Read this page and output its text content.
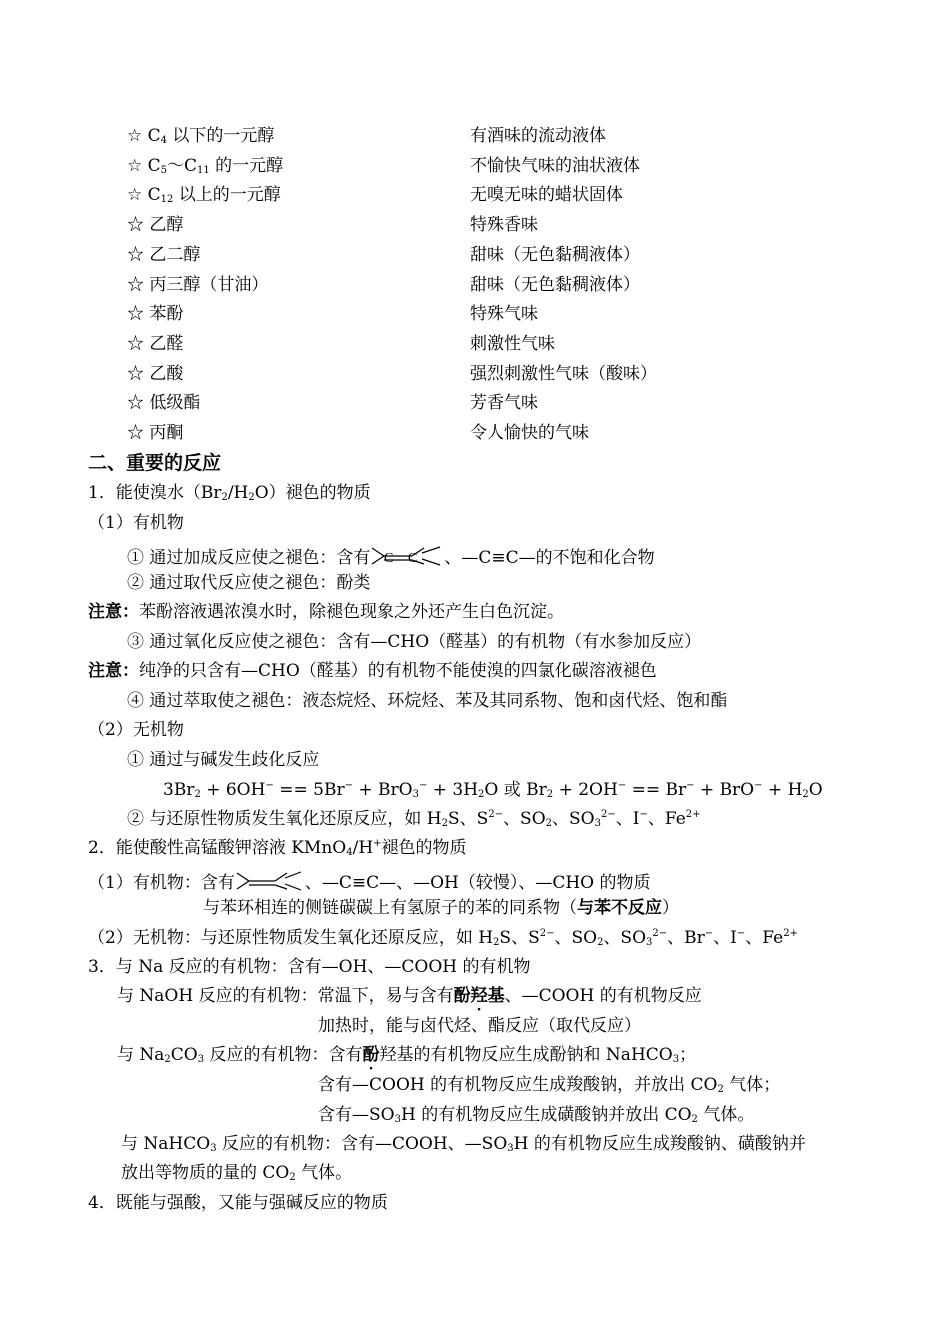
☆ $C_4$ 以下的一元醇	有酒味的流动液体
☆ $C_5\sim C_{11}$ 的一元醇	不愉快气味的油状液体
☆ $C_{12}$ 以上的一元醇	无嗅无味的蜡状固体
☆ 乙醇	特殊香味
☆ 乙二醇	甜味（无色黏稠液体）
☆ 丙三醇（甘油）	甜味（无色黏稠液体）
☆ 苯酚	特殊气味
☆ 乙醛	刺激性气味
☆ 乙酸	强烈刺激性气味（酸味）
☆ 低级酯	芳香气味
☆ 丙酮	令人愉快的气味
二、重要的反应
1．能使溴水$(Br_2/H_2O)$褪色的物质
（1）有机物
① 通过加成反应使之褪色：含有	C
C	、—C≡C—的不饱和化合物
② 通过取代反应使之褪色：酚类
注意：苯酚溶液遇浓溴水时，除褪色现象之外还产生白色沉淀。
③ 通过氧化反应使之褪色：含有—CHO（醛基）的有机物（有水参加反应）
注意：纯净的只含有—CHO（醛基）的有机物不能使溴的四氯化碳溶液褪色
④ 通过萃取使之褪色：液态烷烃、环烷烃、苯及其同系物、饱和卤代烃、饱和酯
（2）无机物
① 通过与碱发生歧化反应
$3Br_2 + 6OH^- == 5Br^- + BrO_3^- + 3H_2O$ 或 $Br_2 + 2OH^- == Br^- + BrO^- + H_2O$
② 与还原性物质发生氧化还原反应，如 $H_2S$、$S^{2-}$、$SO_2$、$SO_3^{2-}$、I−、$Fe^{2+}$
2．能使酸性高锰酸钾溶液 KMnO$_4$/H+褪色的物质
（1）有机物：含有	、—C≡C—、—OH（较慢）、—CHO 的物质
与苯环相连的侧链碳碳上有氢原子的苯的同系物（与苯不反应）
（2）无机物：与还原性物质发生氧化还原反应，如 $H_2S$、$S^{2-}$、$SO_2$、$SO_3^{2-}$、Br−、I−、$Fe^{2+}$
3．与 Na 反应的有机物：含有—OH、—COOH 的有机物
与 NaOH 反应的有机物：常温下，易与含有酚羟基、—COOH 的有机物反应
加热时，能与卤代烃、酯反应（取代反应）
与 $Na_2CO_3$ 反应的有机物：含有酚羟基的有机物反应生成酚钠和 NaHCO$_3$；
含有—COOH 的有机物反应生成羧酸钠，并放出 $CO_2$ 气体；
含有$—SO_3H$ 的有机物反应生成磺酸钠并放出 $CO_2$ 气体。
与 NaHCO$_3$ 反应的有机物：含有—COOH、$—SO_3H$ 的有机物反应生成羧酸钠、磺酸钠并
放出等物质的量的 $CO_2$ 气体。
4．既能与强酸，又能与强碱反应的物质
